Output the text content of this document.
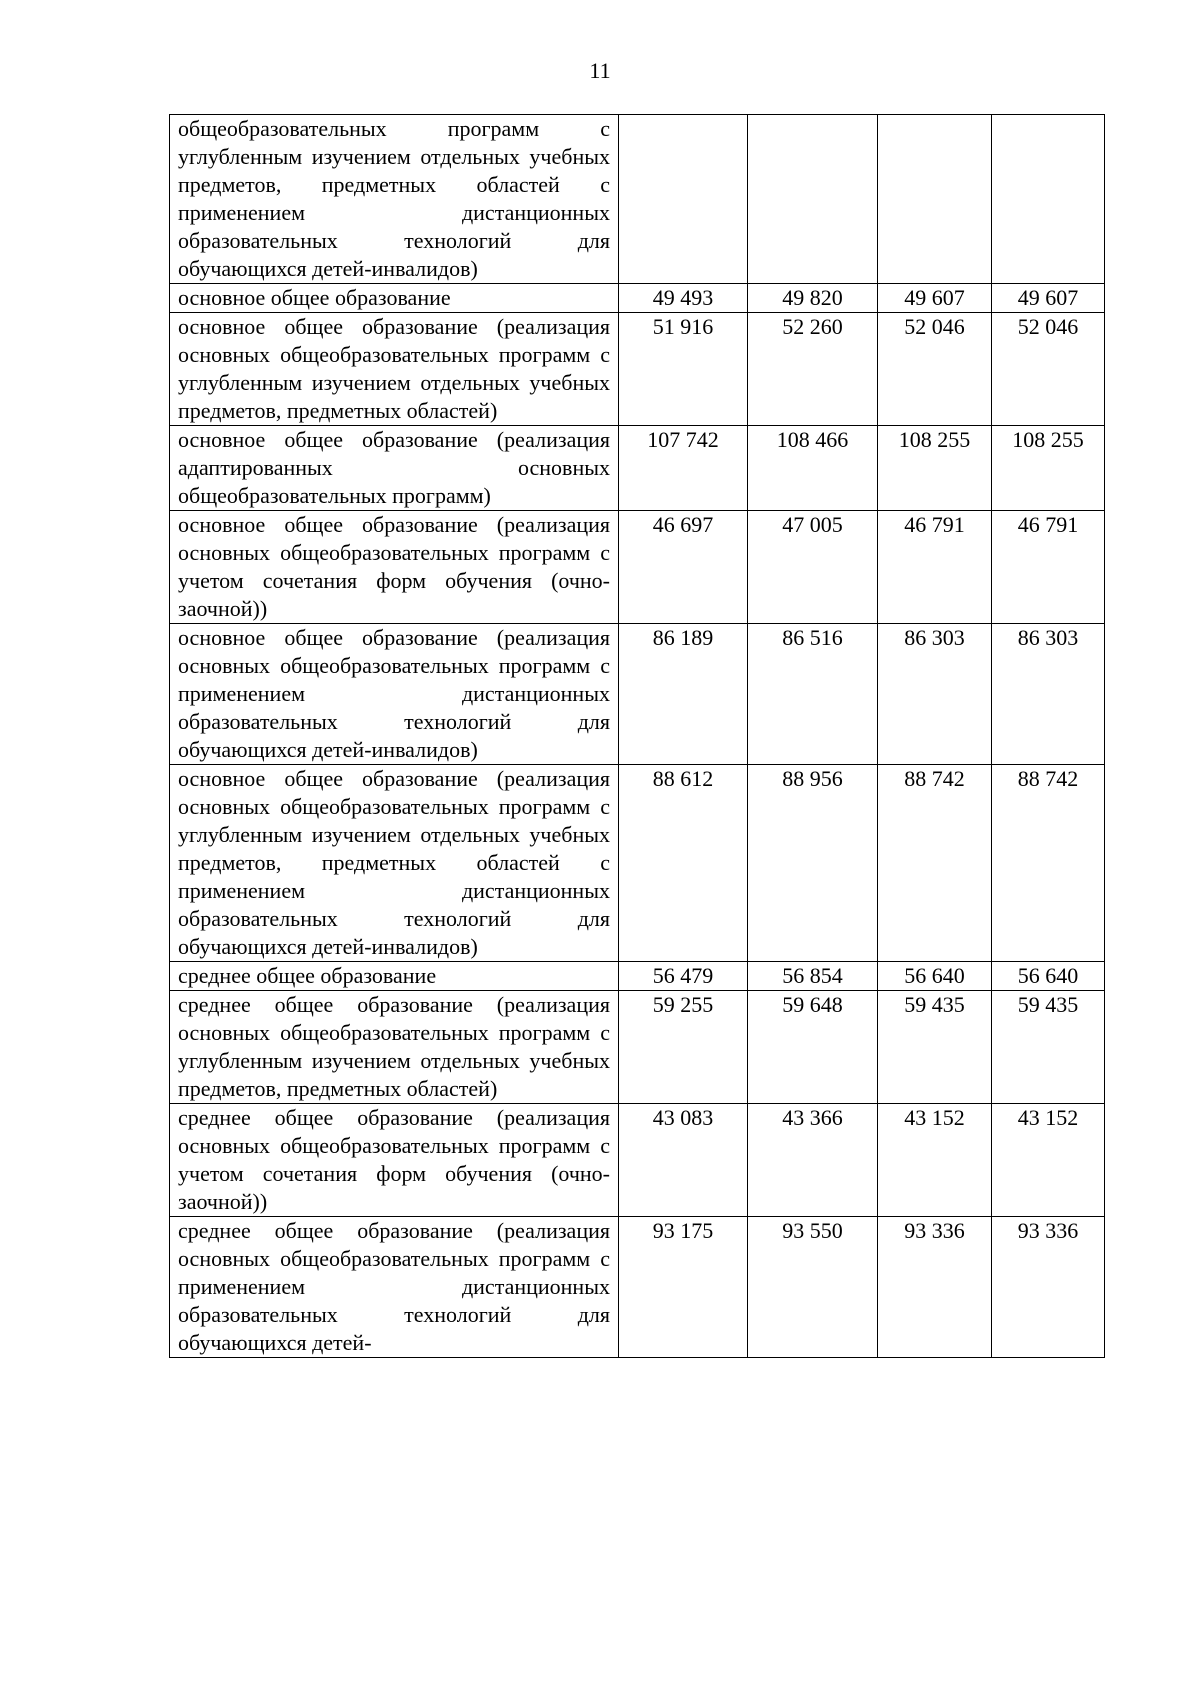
11
общеобразовательных программ с углубленным изучением отдельных учебных предметов, предметных областей с применением дистанционных образовательных технологий для обучающихся детей-инвалидов)				
основное общее образование	49 493	49 820	49 607	49 607
основное общее образование (реализация основных общеобразовательных программ с углубленным изучением отдельных учебных предметов, предметных областей)	51 916	52 260	52 046	52 046
основное общее образование (реализация адаптированных основных общеобразовательных программ)	107 742	108 466	108 255	108 255
основное общее образование (реализация основных общеобразовательных программ с учетом сочетания форм обучения (очно-заочной))	46 697	47 005	46 791	46 791
основное общее образование (реализация основных общеобразовательных программ с применением дистанционных образовательных технологий для обучающихся детей-инвалидов)	86 189	86 516	86 303	86 303
основное общее образование (реализация основных общеобразовательных программ с углубленным изучением отдельных учебных предметов, предметных областей с применением дистанционных образовательных технологий для обучающихся детей-инвалидов)	88 612	88 956	88 742	88 742
среднее общее образование	56 479	56 854	56 640	56 640
среднее общее образование (реализация основных общеобразовательных программ с углубленным изучением отдельных учебных предметов, предметных областей)	59 255	59 648	59 435	59 435
среднее общее образование (реализация основных общеобразовательных программ с учетом сочетания форм обучения (очно-заочной))	43 083	43 366	43 152	43 152
среднее общее образование (реализация основных общеобразовательных программ с применением дистанционных образовательных технологий для обучающихся детей-	93 175	93 550	93 336	93 336
